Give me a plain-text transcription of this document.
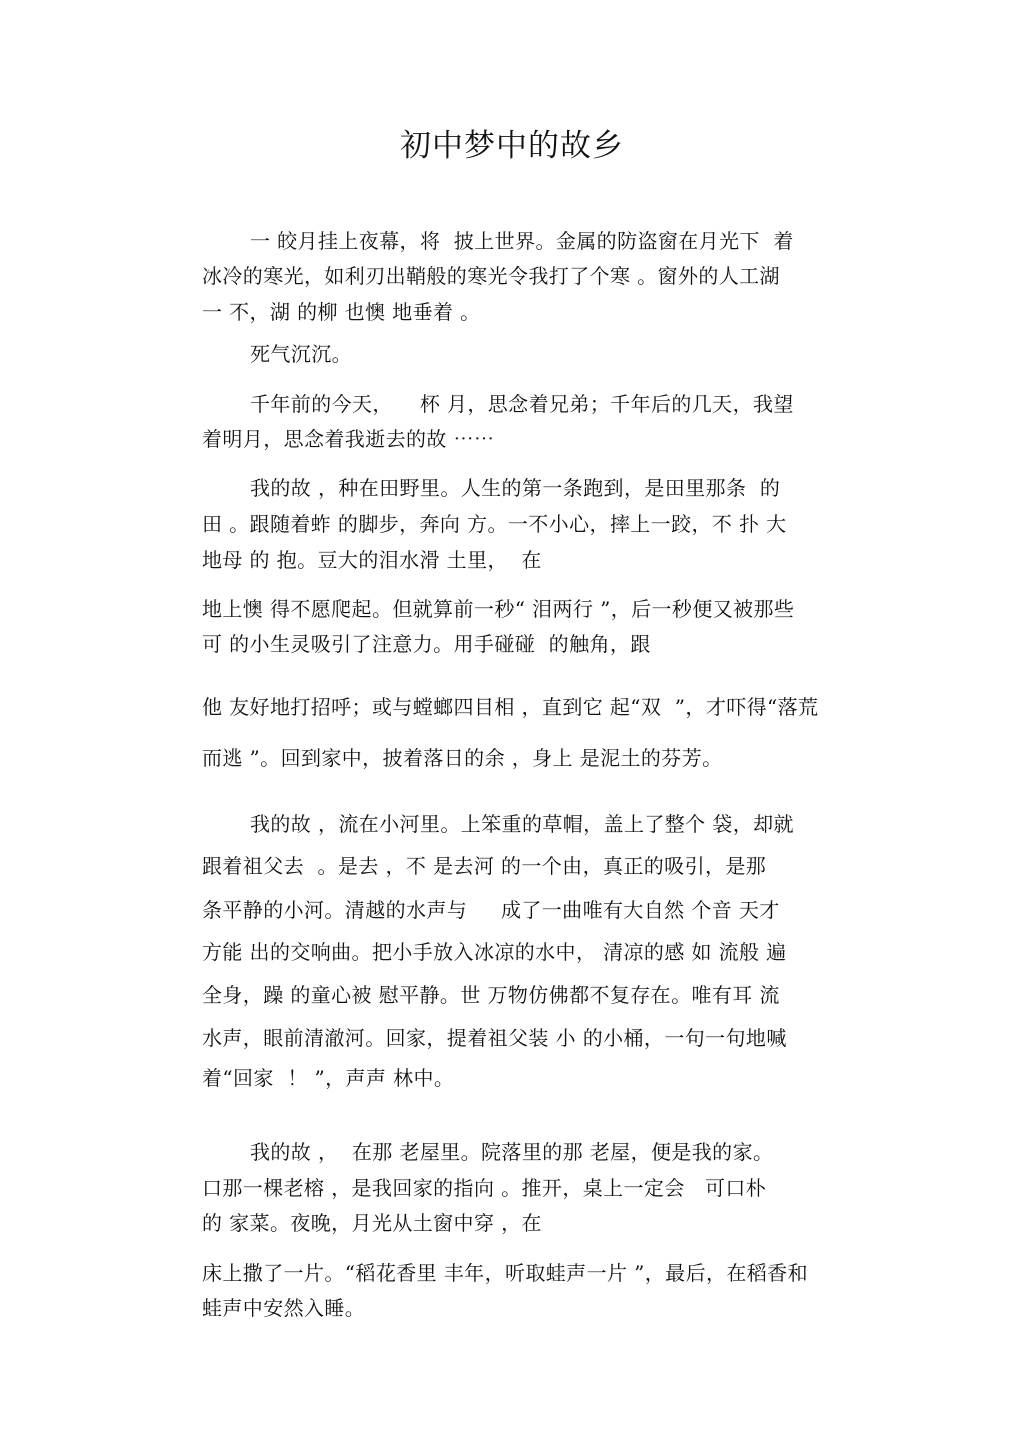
初中梦中的故乡
一 皎月挂上夜幕，将  披上世界。金属的防盗窗在月光下  着
冰冷的寒光，如利刃出鞘般的寒光令我打了个寒 。窗外的人工湖
一 不，湖 的柳 也懊 地垂着 。
死气沉沉。
千年前的今天，    杯 月，思念着兄弟；千年后的几天，我望
着明月，思念着我逝去的故 ⋯⋯
我的故 ，种在田野里。人生的第一条跑到，是田里那条  的
田 。跟随着蚱 的脚步，奔向 方。一不小心，摔上一跤，不 扑 大
地母 的 抱。豆大的泪水滑 土里，  在
地上懊 得不愿爬起。但就算前一秒“ 泪两行 ”，后一秒便又被那些
可 的小生灵吸引了注意力。用手碰碰  的触角，跟
他 友好地打招呼；或与螳螂四目相 ，直到它 起“双  ”，才吓得“落荒
而逃 ”。回到家中，披着落日的余 ，身上 是泥土的芬芳。
我的故 ，流在小河里。上笨重的草帽，盖上了整个 袋，却就
跟着祖父去  。是去 ，不 是去河 的一个由，真正的吸引，是那
条平静的小河。清越的水声与     成了一曲唯有大自然 个音 天才
方能 出的交响曲。把小手放入冰凉的水中， 清凉的感 如 流般 遍
全身，躁 的童心被 慰平静。世 万物仿佛都不复存在。唯有耳 流
水声，眼前清澈河。回家，提着祖父装 小 的小桶，一句一句地喊
着“回家  ！ ”，声声 林中。
我的故 ，  在那 老屋里。院落里的那 老屋，便是我的家。
口那一棵老榕 ，是我回家的指向 。推开，桌上一定会   可口朴
的 家菜。夜晚，月光从土窗中穿 ，在
床上撒了一片。“稻花香里 丰年，听取蛙声一片 ”，最后，在稻香和
蛙声中安然入睡。
